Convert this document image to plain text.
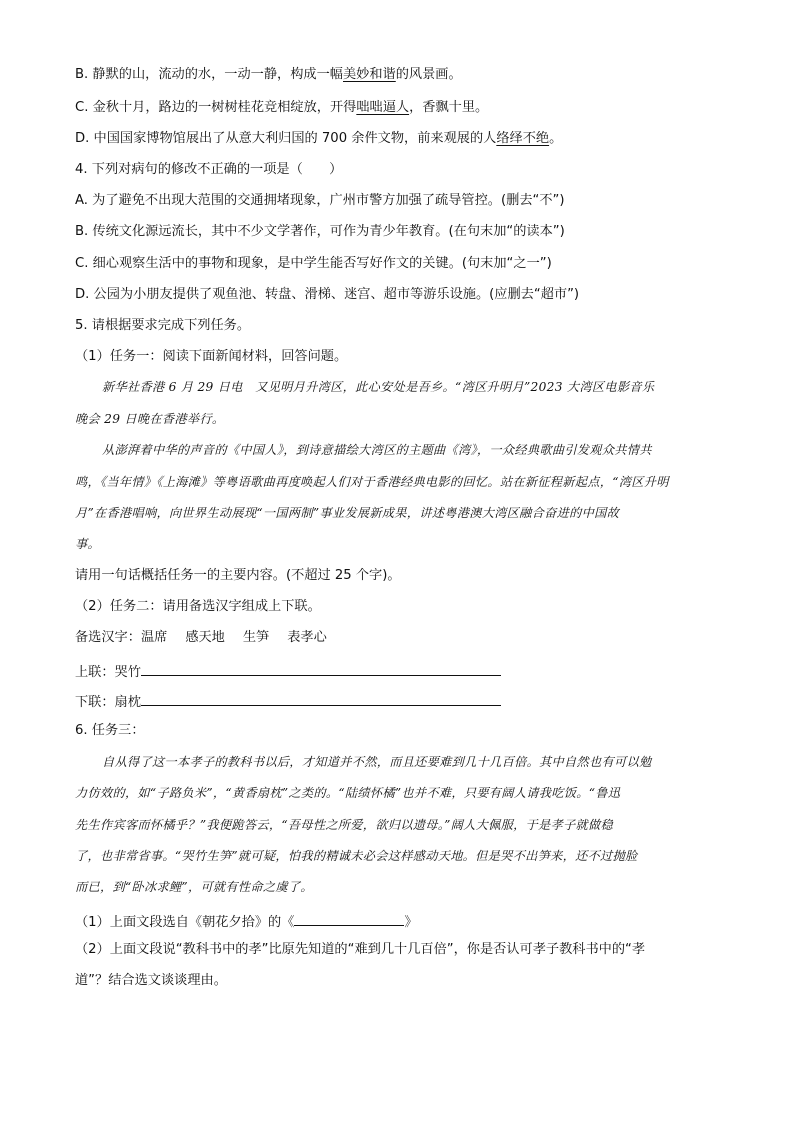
B. 静默的山，流动的水，一动一静，构成一幅美妙和谐的风景画。
C. 金秋十月，路边的一树树桂花竞相绽放，开得咄咄逼人，香飘十里。
D. 中国国家博物馆展出了从意大利归国的 700 余件文物，前来观展的人络绎不绝。
4. 下列对病句的修改不正确的一项是（　　）
A. 为了避免不出现大范围的交通拥堵现象，广州市警方加强了疏导管控。(删去“不”)
B. 传统文化源远流长，其中不少文学著作，可作为青少年教育。(在句末加“的读本”)
C. 细心观察生活中的事物和现象，是中学生能否写好作文的关键。(句末加“之一”)
D. 公园为小朋友提供了观鱼池、转盘、滑梯、迷宫、超市等游乐设施。(应删去“超市”)
5. 请根据要求完成下列任务。
（1）任务一：阅读下面新闻材料，回答问题。
新华社香港 6 月 29 日电　又见明月升湾区，此心安处是吾乡。“湾区升明月”2023 大湾区电影音乐
晚会 29 日晚在香港举行。
从澎湃着中华的声音的《中国人》，到诗意描绘大湾区的主题曲《湾》，一众经典歌曲引发观众共情共
鸣，《当年情》《上海滩》等粤语歌曲再度唤起人们对于香港经典电影的回忆。站在新征程新起点，“湾区升明
月”在香港唱响，向世界生动展现“一国两制”事业发展新成果，讲述粤港澳大湾区融合奋进的中国故
事。
请用一句话概括任务一的主要内容。(不超过 25 个字)。
（2）任务二：请用备选汉字组成上下联。
备选汉字：温席 感天地 生笋 表孝心
上联：哭竹
下联：扇枕
6. 任务三：
自从得了这一本孝子的教科书以后，才知道并不然，而且还要难到几十几百倍。其中自然也有可以勉
力仿效的，如“子路负米”，“黄香扇枕”之类的。“陆绩怀橘”也并不难，只要有阔人请我吃饭。“鲁迅
先生作宾客而怀橘乎？”我便跪答云，“吾母性之所爱，欲归以遗母。”阔人大佩服，于是孝子就做稳
了，也非常省事。“哭竹生笋”就可疑，怕我的精诚未必会这样感动天地。但是哭不出笋来，还不过抛脸
而已，到“卧冰求鲤”，可就有性命之虞了。
（1）上面文段选自《朝花夕拾》的《	》
（2）上面文段说“教科书中的孝”比原先知道的“难到几十几百倍”，你是否认可孝子教科书中的“孝
道”？结合选文谈谈理由。
